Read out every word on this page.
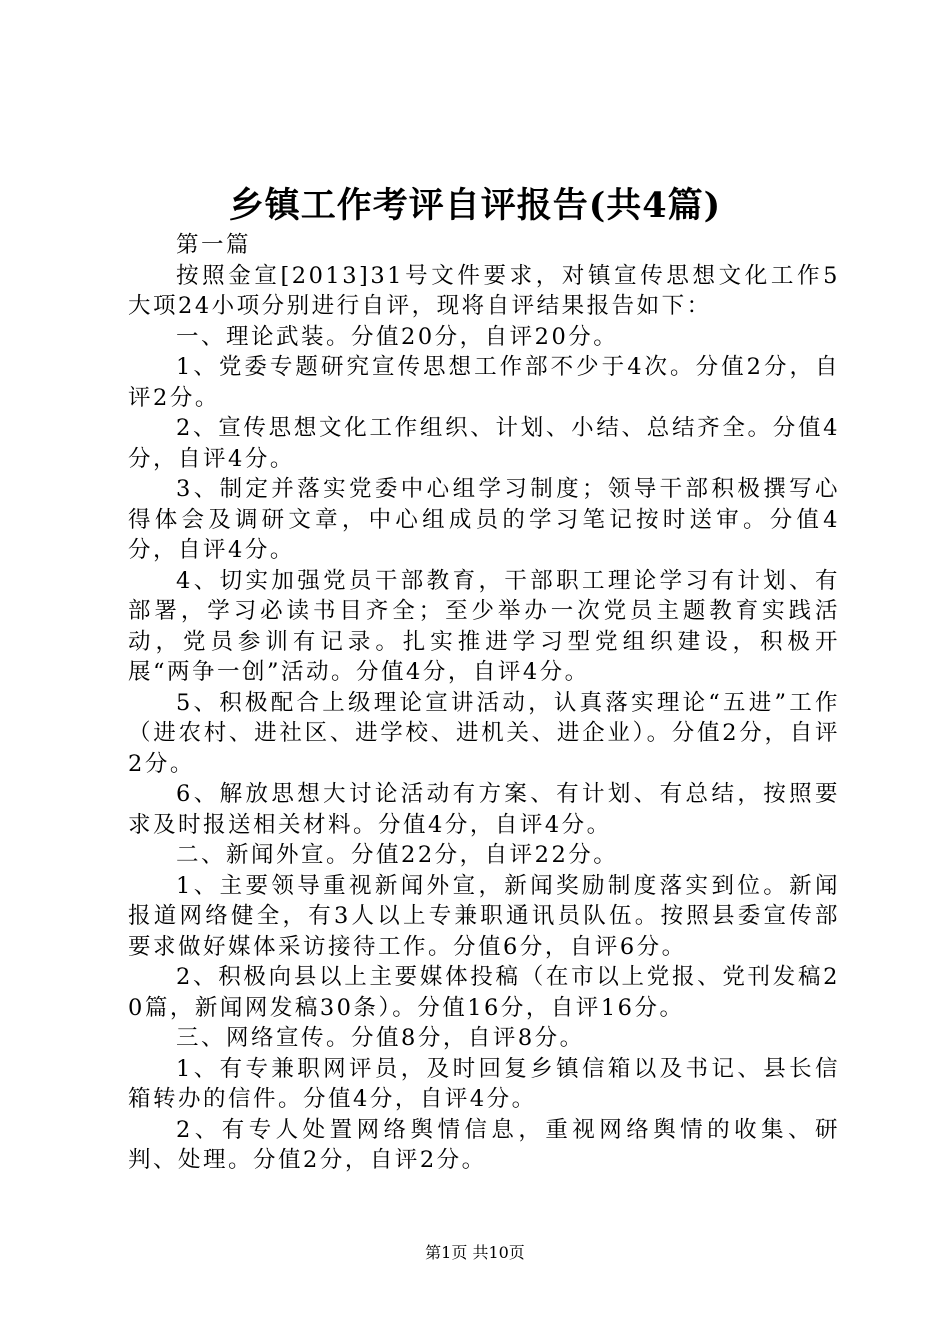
乡镇工作考评自评报告(共4篇)

第一篇

按照金宣[2013]31号文件要求，对镇宣传思想文化工作5大项24小项分别进行自评，现将自评结果报告如下：

一、理论武装。分值20分，自评20分。

1、党委专题研究宣传思想工作部不少于4次。分值2分，自评2分。

2、宣传思想文化工作组织、计划、小结、总结齐全。分值4分，自评4分。

3、制定并落实党委中心组学习制度；领导干部积极撰写心得体会及调研文章，中心组成员的学习笔记按时送审。分值4分，自评4分。

4、切实加强党员干部教育，干部职工理论学习有计划、有部署，学习必读书目齐全；至少举办一次党员主题教育实践活动，党员参训有记录。扎实推进学习型党组织建设，积极开展“两争一创”活动。分值4分，自评4分。

5、积极配合上级理论宣讲活动，认真落实理论“五进”工作（进农村、进社区、进学校、进机关、进企业）。分值2分，自评2分。

6、解放思想大讨论活动有方案、有计划、有总结，按照要求及时报送相关材料。分值4分，自评4分。

二、新闻外宣。分值22分，自评22分。

1、主要领导重视新闻外宣，新闻奖励制度落实到位。新闻报道网络健全，有3人以上专兼职通讯员队伍。按照县委宣传部要求做好媒体采访接待工作。分值6分，自评6分。

2、积极向县以上主要媒体投稿（在市以上党报、党刊发稿20篇，新闻网发稿30条）。分值16分，自评16分。

三、网络宣传。分值8分，自评8分。

1、有专兼职网评员，及时回复乡镇信箱以及书记、县长信箱转办的信件。分值4分，自评4分。

2、有专人处置网络舆情信息，重视网络舆情的收集、研判、处理。分值2分，自评2分。

第1页 共10页
